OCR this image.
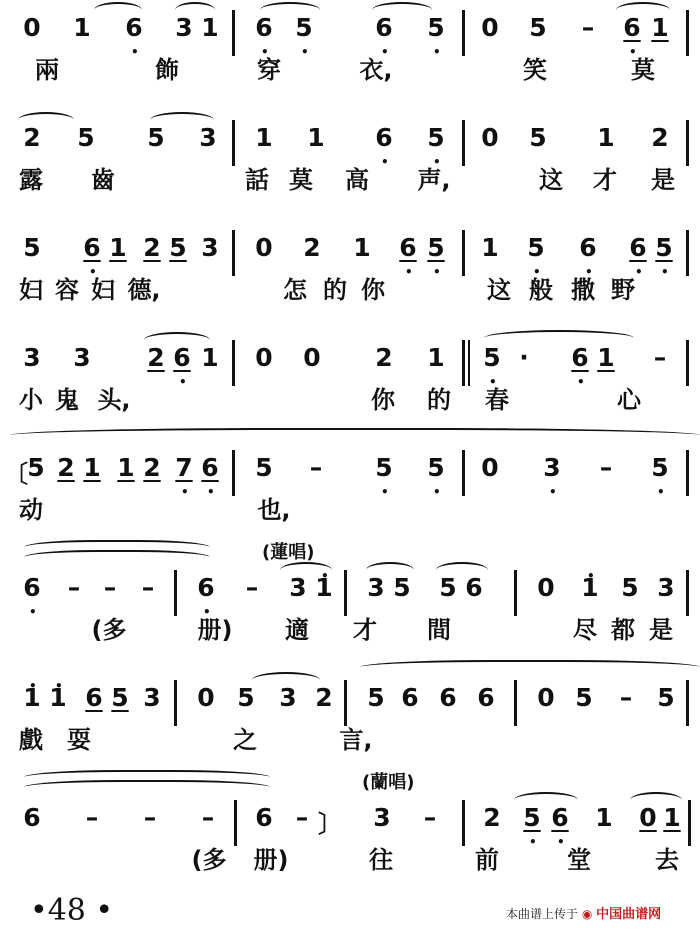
0 1 6 • 3 1 6 • 5 •	6 • 5 • 0 5 – 6 • 1
兩	飾	穿	衣,	笑	莫
2 5 5 3 1 1 6 • 5 • 0 5 1 2
露 齒	話 莫 高 声,	这 才 是
5 6 • 1 2 5 3 0 2 1 6 • 5 • 1 5 • 6 • 6 • 5 •
妇 容 妇 德,	怎 的 你	这 般 撒 野
3 3 2 6 • 1 0 0 2 1 5 • · 6 • 1 –
小 鬼 头,	你 的 春	心
〔 5 2 1 1 2 7 • 6 • 5 – 5 • 5 • 0 3 • – 5 •
动	也,
(蓮唱)
6 • – – – 6 • – 3 • 1 3 5 5 6 0 • 1 5 3
(多	册)	適 才 間	尽 都 是
• 1 • 1 6 5 3 0 5 3 2 5 6 6 6 0 5 – 5
戲 耍	之	言,
(蘭唱)
6 – – – 6 – 〕 3 – 2 5 • 6 • 1 0 1
(多	册)	往	前	堂	去
•48 •	本曲谱上传于 ◉ 中国曲谱网
